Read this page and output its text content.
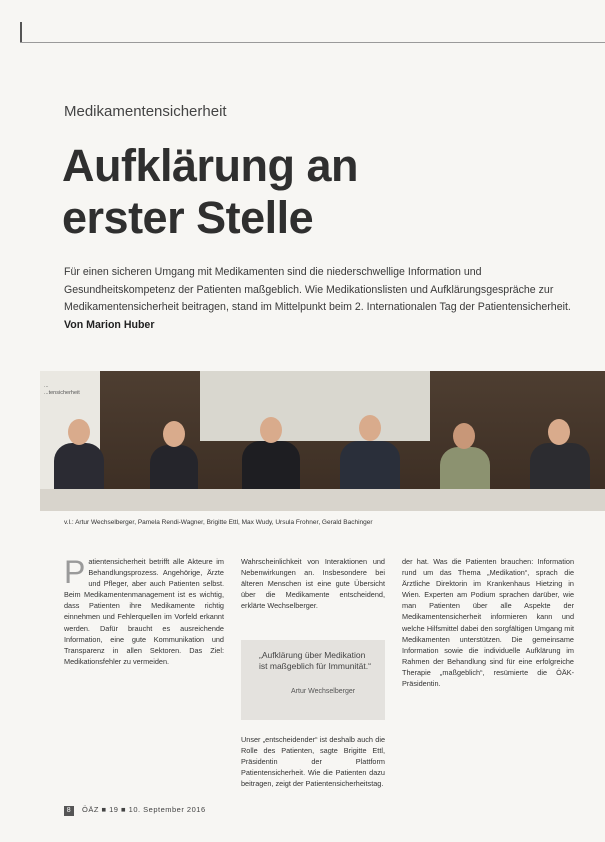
Medikamentensicherheit
Aufklärung an
erster Stelle
Für einen sicheren Umgang mit Medikamenten sind die niederschwellige Information und Gesundheitskompetenz der Patienten maßgeblich. Wie Medikationslisten und Aufklärungsgespräche zur Medikamentensicherheit beitragen, stand im Mittelpunkt beim 2. Internationalen Tag der Patientensicherheit. Von Marion Huber
...
...tensicherheit
v.l.: Artur Wechselberger, Pamela Rendi-Wagner, Brigitte Ettl, Max Wudy, Ursula Frohner, Gerald Bachinger

Patientensicherheit betrifft alle Akteure im Behandlungsprozess. Angehörige, Ärzte und Pfleger, aber auch Patienten selbst. Beim Medikamentenmanagement ist es wichtig, dass Patienten ihre Medikamente richtig einnehmen und Fehlerquellen im Vorfeld erkannt werden. Dafür braucht es ausreichende Information, eine gute Kommunikation und Transparenz in allen Sektoren. Das Ziel: Medikationsfehler zu vermeiden.

Wahrscheinlichkeit von Interaktionen und Nebenwirkungen an. Insbesondere bei älteren Menschen ist eine gute Übersicht über die Medikamente entscheidend, erklärte Wechselberger.

„Aufklärung über Medikation ist maßgeblich für Immunität.“
Artur Wechselberger

Unser „entscheidender“ ist deshalb auch die Rolle des Patienten, sagte Brigitte Ettl, Präsidentin der Plattform Patientensicherheit. Wie die Patienten dazu beitragen, zeigt der Patientensicherheitstag.

der hat. Was die Patienten brauchen: Information rund um das Thema „Medikation“, sprach die Ärztliche Direktorin im Krankenhaus Hietzing in Wien. Experten am Podium sprachen darüber, wie man Patienten über alle Aspekte der Medikamentensicherheit informieren kann und welche Hilfsmittel dabei den sorgfältigen Umgang mit Medikamenten unterstützen. Die gemeinsame Information sowie die individuelle Aufklärung im Rahmen der Behandlung sind für eine erfolgreiche Therapie „maßgeblich“, resümierte die ÖÄK-Präsidentin.

8 ÖÄZ ■ 19 ■ 10. September 2016
